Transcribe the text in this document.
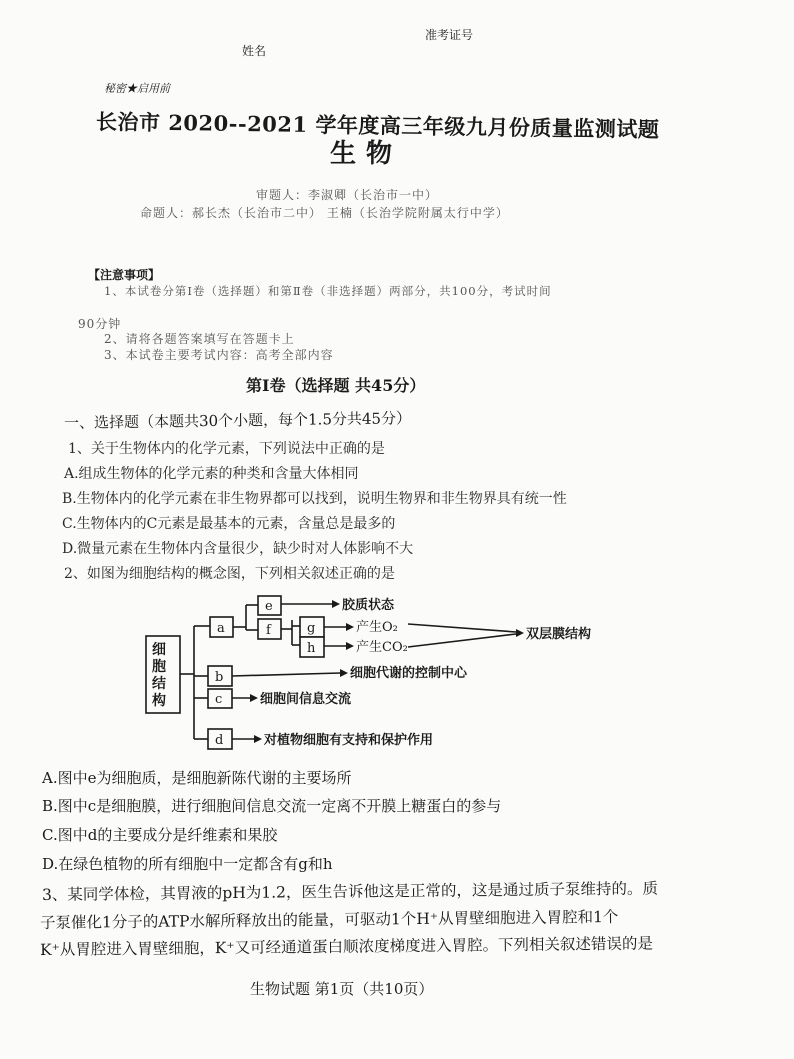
准考证号
姓名
秘密★启用前
长治市 2020--2021 学年度高三年级九月份质量监测试题
生物
审题人：李淑卿（长治市一中）
命题人：郝长杰（长治市二中） 王楠（长治学院附属太行中学）
【注意事项】
1、本试卷分第Ⅰ卷（选择题）和第Ⅱ卷（非选择题）两部分，共100分，考试时间
90分钟
2、请将各题答案填写在答题卡上
3、本试卷主要考试内容：高考全部内容
第Ⅰ卷（选择题 共45分）
一、选择题（本题共30个小题，每个1.5分共45分）
1、关于生物体内的化学元素，下列说法中正确的是
A.组成生物体的化学元素的种类和含量大体相同
B.生物体内的化学元素在非生物界都可以找到，说明生物界和非生物界具有统一性
C.生物体内的C元素是最基本的元素，含量总是最多的
D.微量元素在生物体内含量很少，缺少时对人体影响不大
2、如图为细胞结构的概念图，下列相关叙述正确的是
细
胞
结
构
a
e
f	g
h
b
c
d
胶质状态
产生O₂
产生CO₂
双层膜结构
细胞代谢的控制中心
细胞间信息交流
对植物细胞有支持和保护作用
A.图中e为细胞质，是细胞新陈代谢的主要场所
B.图中c是细胞膜，进行细胞间信息交流一定离不开膜上糖蛋白的参与
C.图中d的主要成分是纤维素和果胶
D.在绿色植物的所有细胞中一定都含有g和h
3、某同学体检，其胃液的pH为1.2，医生告诉他这是正常的，这是通过质子泵维持的。质
子泵催化1分子的ATP水解所释放出的能量，可驱动1个H⁺从胃壁细胞进入胃腔和1个
K⁺从胃腔进入胃壁细胞，K⁺又可经通道蛋白顺浓度梯度进入胃腔。下列相关叙述错误的是
生物试题 第1页（共10页）
